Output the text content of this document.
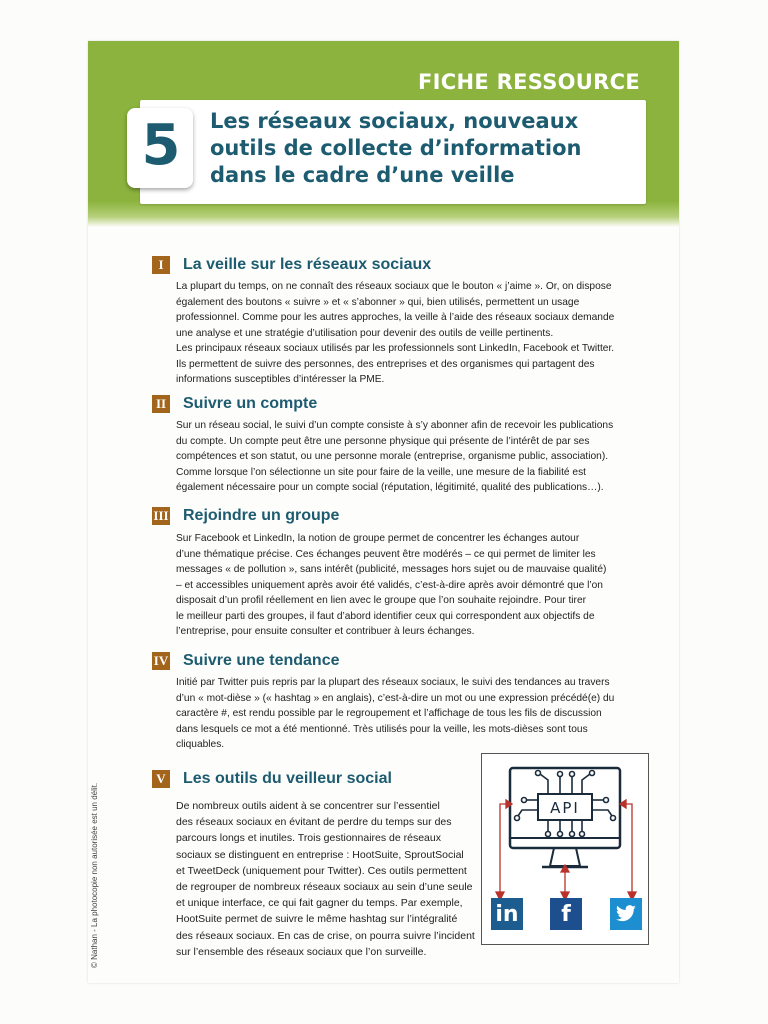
FICHE RESSOURCE
5 Les réseaux sociaux, nouveaux
outils de collecte d’information
dans le cadre d’une veille
I	La veille sur les réseaux sociaux
La plupart du temps, on ne connaît des réseaux sociaux que le bouton « j’aime ». Or, on dispose
également des boutons « suivre » et « s’abonner » qui, bien utilisés, permettent un usage
professionnel. Comme pour les autres approches, la veille à l’aide des réseaux sociaux demande
une analyse et une stratégie d’utilisation pour devenir des outils de veille pertinents.
Les principaux réseaux sociaux utilisés par les professionnels sont LinkedIn, Facebook et Twitter.
Ils permettent de suivre des personnes, des entreprises et des organismes qui partagent des
informations susceptibles d’intéresser la PME.
II Suivre un compte
Sur un réseau social, le suivi d’un compte consiste à s’y abonner afin de recevoir les publications
du compte. Un compte peut être une personne physique qui présente de l’intérêt de par ses
compétences et son statut, ou une personne morale (entreprise, organisme public, association).
Comme lorsque l’on sélectionne un site pour faire de la veille, une mesure de la fiabilité est
également nécessaire pour un compte social (réputation, légitimité, qualité des publications…).
III Rejoindre un groupe
Sur Facebook et LinkedIn, la notion de groupe permet de concentrer les échanges autour
d’une thématique précise. Ces échanges peuvent être modérés – ce qui permet de limiter les
messages « de pollution », sans intérêt (publicité, messages hors sujet ou de mauvaise qualité)
– et accessibles uniquement après avoir été validés, c’est-à-dire après avoir démontré que l’on
disposait d’un profil réellement en lien avec le groupe que l’on souhaite rejoindre. Pour tirer
le meilleur parti des groupes, il faut d’abord identifier ceux qui correspondent aux objectifs de
l’entreprise, pour ensuite consulter et contribuer à leurs échanges.
IV Suivre une tendance
Initié par Twitter puis repris par la plupart des réseaux sociaux, le suivi des tendances au travers
d’un « mot-dièse » (« hashtag » en anglais), c’est-à-dire un mot ou une expression précédé(e) du
caractère #, est rendu possible par le regroupement et l’affichage de tous les fils de discussion
dans lesquels ce mot a été mentionné. Très utilisés pour la veille, les mots-dièses sont tous
cliquables.
V Les outils du veilleur social
De nombreux outils aident à se concentrer sur l’essentiel
des réseaux sociaux en évitant de perdre du temps sur des
parcours longs et inutiles. Trois gestionnaires de réseaux
sociaux se distinguent en entreprise : HootSuite, SproutSocial
et TweetDeck (uniquement pour Twitter). Ces outils permettent
de regrouper de nombreux réseaux sociaux au sein d’une seule
et unique interface, ce qui fait gagner du temps. Par exemple,
HootSuite permet de suivre le même hashtag sur l’intégralité
des réseaux sociaux. En cas de crise, on pourra suivre l’incident
sur l’ensemble des réseaux sociaux que l’on surveille.
API
in	f
© Nathan - La photocopie non autorisée est un délit.
